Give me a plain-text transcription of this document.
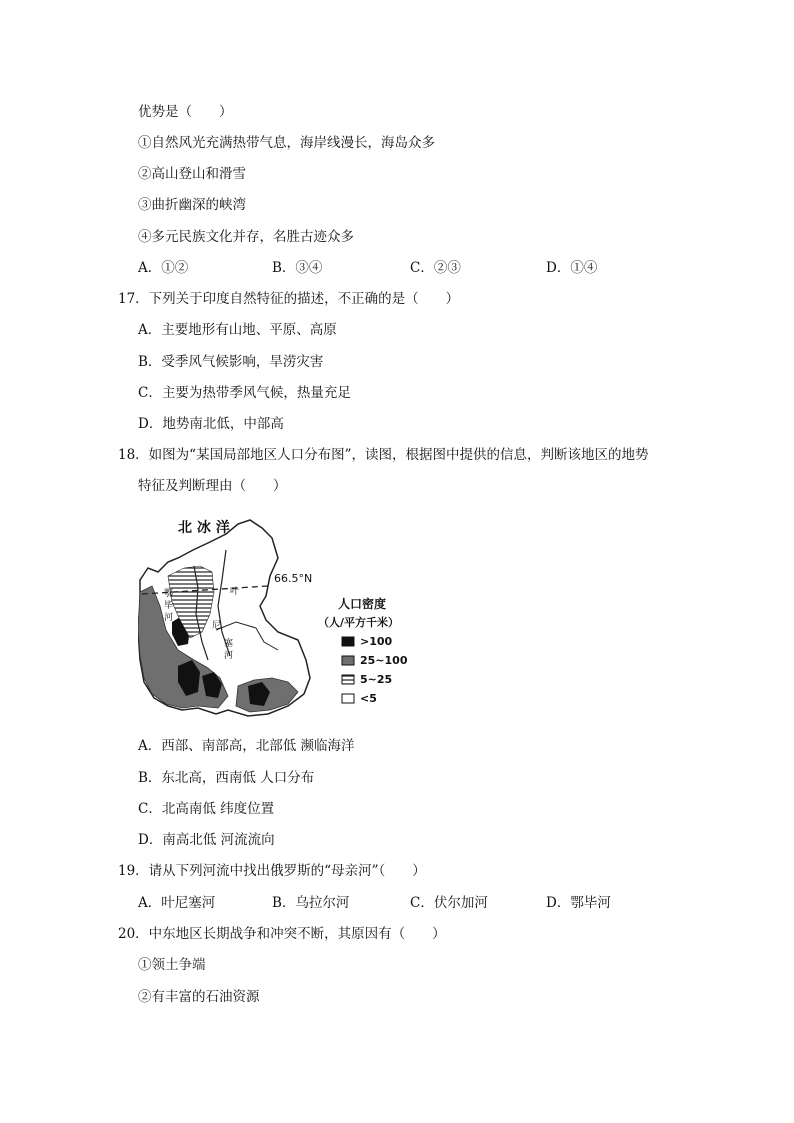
优势是（　　）
①自然风光充满热带气息，海岸线漫长，海岛众多
②高山登山和滑雪
③曲折幽深的峡湾
④多元民族文化并存，名胜古迹众多
A．①②	B．③④	C．②③	D．①④
17．下列关于印度自然特征的描述，不正确的是（　　）
A．主要地形有山地、平原、高原
B．受季风气候影响，旱涝灾害
C．主要为热带季风气候，热量充足
D．地势南北低，中部高
18．如图为“某国局部地区人口分布图”，读图，根据图中提供的信息，判断该地区的地势
特征及判断理由（　　）
北 冰 洋
66.5°N
鄂
毕
河
叶
尼
塞
河
人口密度
（人/平方千米）
>100
25~100
5~25
<5
A．西部、南部高，北部低 濒临海洋
B．东北高，西南低 人口分布
C．北高南低 纬度位置
D．南高北低 河流流向
19．请从下列河流中找出俄罗斯的“母亲河”（　　）
A．叶尼塞河	B．乌拉尔河	C．伏尔加河	D．鄂毕河
20．中东地区长期战争和冲突不断，其原因有（　　）
①领土争端
②有丰富的石油资源
